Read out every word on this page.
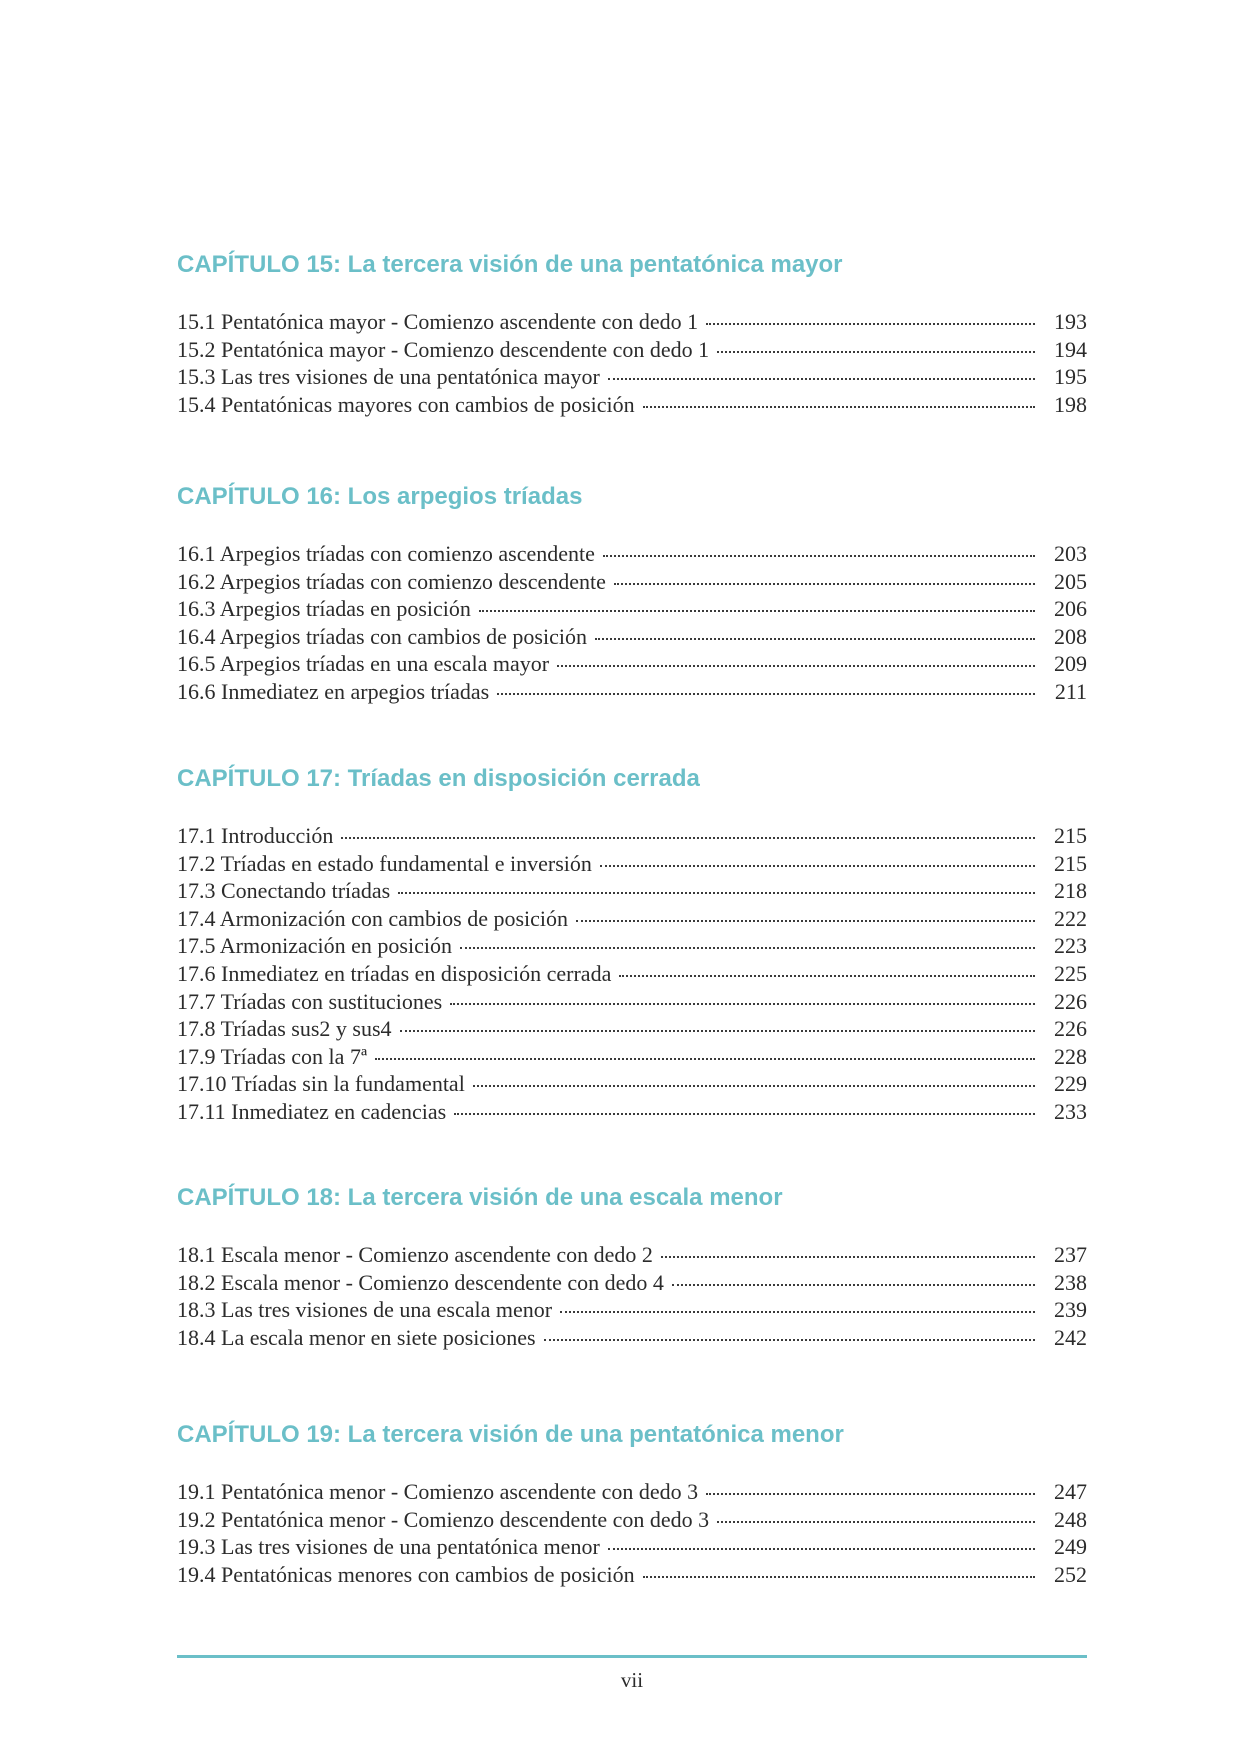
CAPÍTULO 15: La tercera visión de una pentatónica mayor
15.1 Pentatónica mayor - Comienzo ascendente con dedo 1	193
15.2 Pentatónica mayor - Comienzo descendente con dedo 1	194
15.3 Las tres visiones de una pentatónica mayor	195
15.4 Pentatónicas mayores con cambios de posición	198
CAPÍTULO 16: Los arpegios tríadas
16.1 Arpegios tríadas con comienzo ascendente	203
16.2 Arpegios tríadas con comienzo descendente	205
16.3 Arpegios tríadas en posición	206
16.4 Arpegios tríadas con cambios de posición	208
16.5 Arpegios tríadas en una escala mayor	209
16.6 Inmediatez en arpegios tríadas	211
CAPÍTULO 17: Tríadas en disposición cerrada
17.1 Introducción	215
17.2 Tríadas en estado fundamental e inversión	215
17.3 Conectando tríadas	218
17.4 Armonización con cambios de posición	222
17.5 Armonización en posición	223
17.6 Inmediatez en tríadas en disposición cerrada	225
17.7 Tríadas con sustituciones	226
17.8 Tríadas sus2 y sus4	226
17.9 Tríadas con la 7ª	228
17.10 Tríadas sin la fundamental	229
17.11 Inmediatez en cadencias	233
CAPÍTULO 18: La tercera visión de una escala menor
18.1 Escala menor - Comienzo ascendente con dedo 2	237
18.2 Escala menor - Comienzo descendente con dedo 4	238
18.3 Las tres visiones de una escala menor	239
18.4 La escala menor en siete posiciones	242
CAPÍTULO 19: La tercera visión de una pentatónica menor
19.1 Pentatónica menor - Comienzo ascendente con dedo 3	247
19.2 Pentatónica menor - Comienzo descendente con dedo 3	248
19.3 Las tres visiones de una pentatónica menor	249
19.4 Pentatónicas menores con cambios de posición	252
vii
